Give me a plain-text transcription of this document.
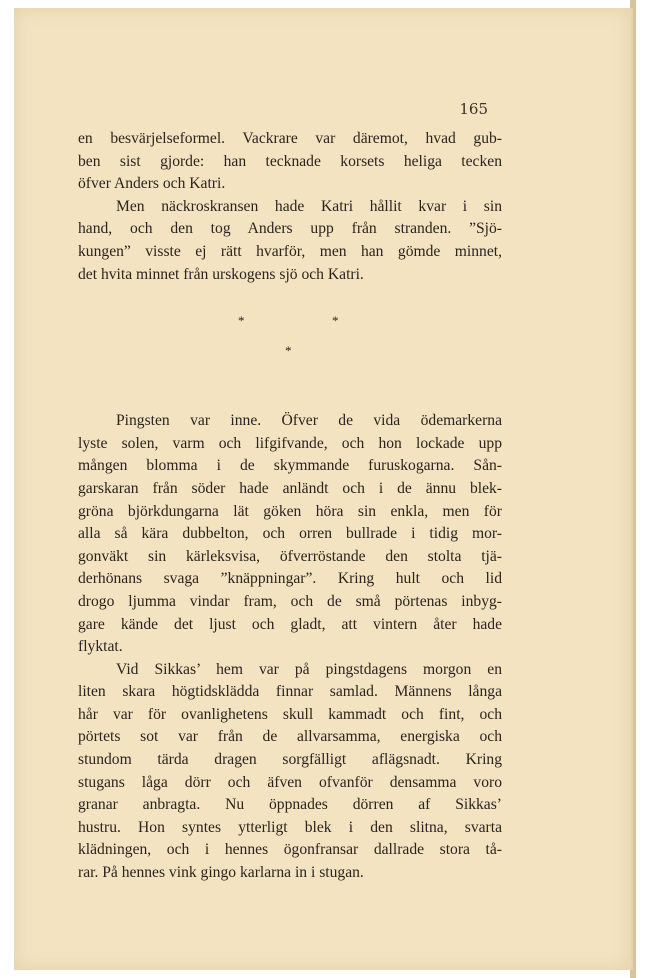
165
en besvärjelseformel. Vackrare var däremot, hvad gub-
ben sist gjorde: han tecknade korsets heliga tecken
öfver Anders och Katri.
Men näckroskransen hade Katri hållit kvar i sin
hand, och den tog Anders upp från stranden. ”Sjö-
kungen” visste ej rätt hvarför, men han gömde minnet,
det hvita minnet från urskogens sjö och Katri.
*	*
*
Pingsten var inne. Öfver de vida ödemarkerna
lyste solen, varm och lifgifvande, och hon lockade upp
mången blomma i de skymmande furuskogarna. Sån-
garskaran från söder hade anländt och i de ännu blek-
gröna björkdungarna lät göken höra sin enkla, men för
alla så kära dubbelton, och orren bullrade i tidig mor-
gonväkt sin kärleksvisa, öfverröstande den stolta tjä-
derhönans svaga ”knäppningar”. Kring hult och lid
drogo ljumma vindar fram, och de små pörtenas inbyg-
gare kände det ljust och gladt, att vintern åter hade
flyktat.
Vid Sikkas’ hem var på pingstdagens morgon en
liten skara högtidsklädda finnar samlad. Männens långa
hår var för ovanlighetens skull kammadt och fint, och
pörtets sot var från de allvarsamma, energiska och
stundom tärda dragen sorgfälligt aflägsnadt. Kring
stugans låga dörr och äfven ofvanför densamma voro
granar anbragta. Nu öppnades dörren af Sikkas’
hustru. Hon syntes ytterligt blek i den slitna, svarta
klädningen, och i hennes ögonfransar dallrade stora tå-
rar. På hennes vink gingo karlarna in i stugan.
